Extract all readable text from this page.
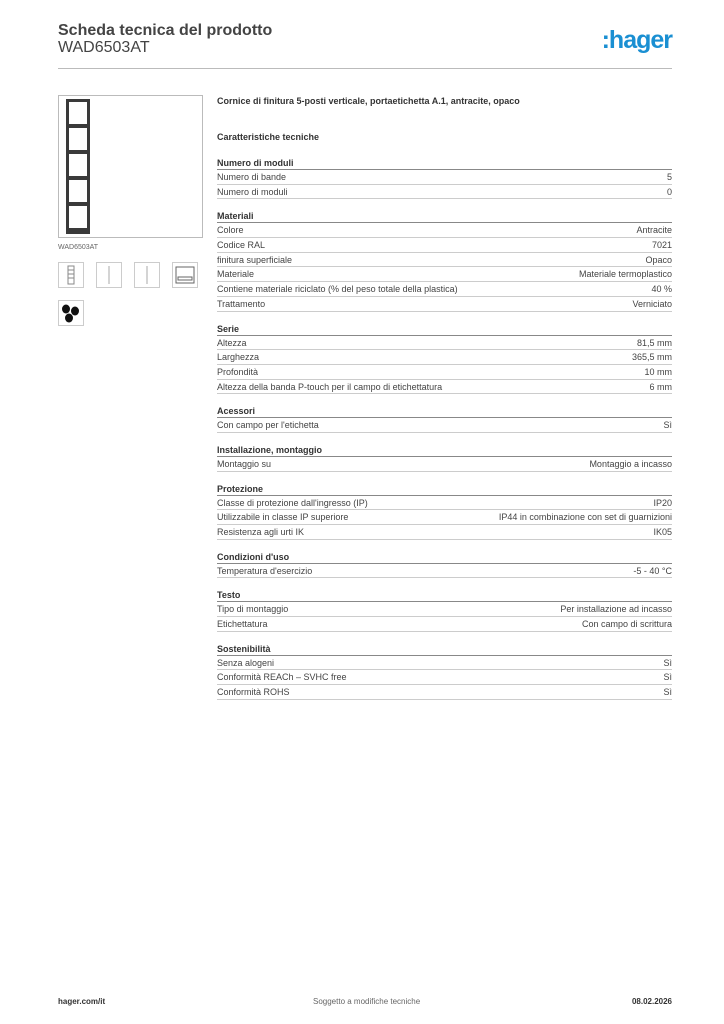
Scheda tecnica del prodotto
WAD6503AT	:hager
WAD6503AT
Cornice di finitura 5-posti verticale, portaetichetta A.1, antracite, opaco
Caratteristiche tecniche
Numero di moduli
Numero di bande	5
Numero di moduli	0
Materiali
Colore	Antracite
Codice RAL	7021
finitura superficiale	Opaco
Materiale	Materiale termoplastico
Contiene materiale riciclato (% del peso totale della plastica)	40 %
Trattamento	Verniciato
Serie
Altezza	81,5 mm
Larghezza	365,5 mm
Profondità	10 mm
Altezza della banda P-touch per il campo di etichettatura	6 mm
Acessori
Con campo per l'etichetta	Sì
Installazione, montaggio
Montaggio su	Montaggio a incasso
Protezione
Classe di protezione dall'ingresso (IP)	IP20
Utilizzabile in classe IP superiore	IP44 in combinazione con set di guarnizioni
Resistenza agli urti IK	IK05
Condizioni d'uso
Temperatura d'esercizio	-5 - 40 °C
Testo
Tipo di montaggio	Per installazione ad incasso
Etichettatura	Con campo di scrittura
Sostenibilità
Senza alogeni	Sì
Conformità REACh – SVHC free	Sì
Conformità ROHS	Sì
hager.com/it	Soggetto a modifiche tecniche	08.02.2026
